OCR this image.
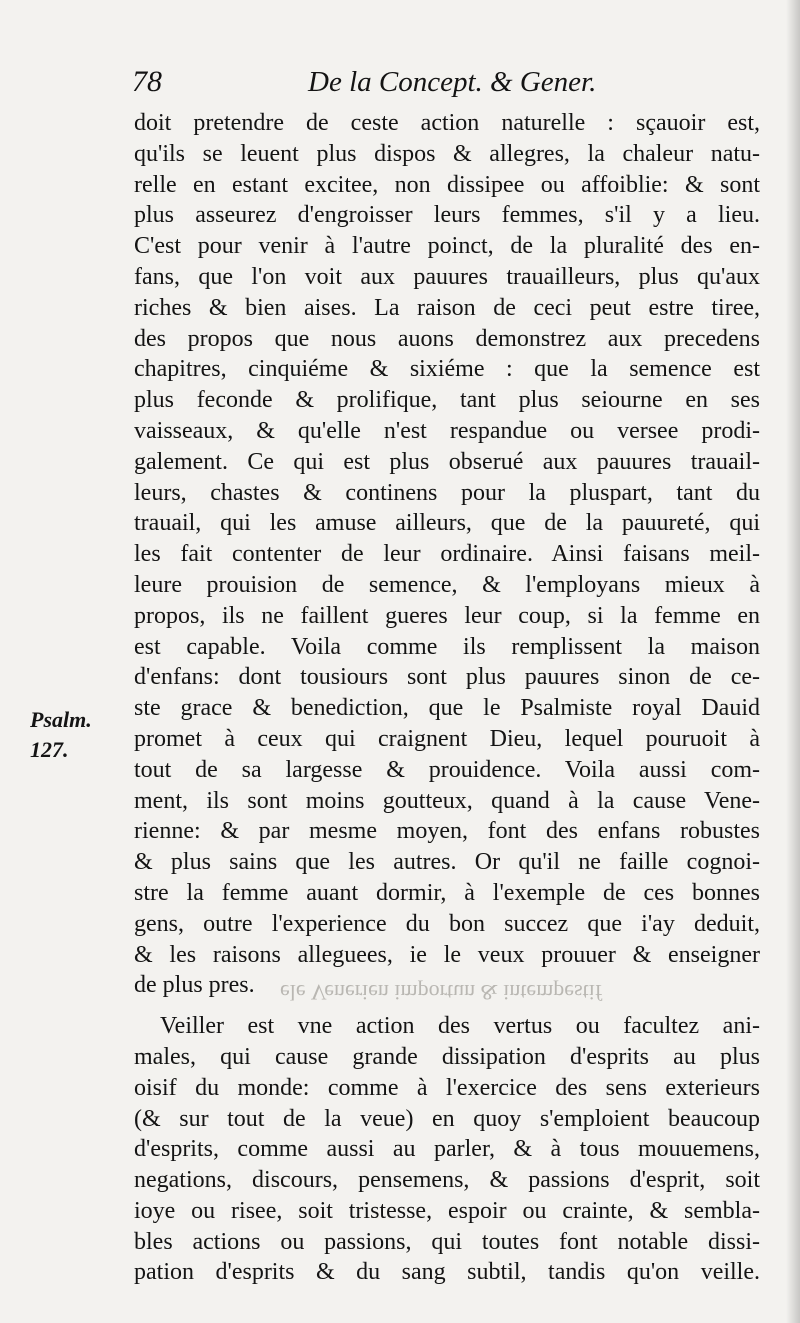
78	De la Concept. & Gener.
Psalm.
127.
ele Venerien importun & intempestif
doit pretendre de ceste action naturelle : sçauoir est,
qu'ils se leuent plus dispos & allegres, la chaleur natu-
relle en estant excitee, non dissipee ou affoiblie: & sont
plus asseurez d'engroisser leurs femmes, s'il y a lieu.
C'est pour venir à l'autre poinct, de la pluralité des en-
fans, que l'on voit aux pauures trauailleurs, plus qu'aux
riches & bien aises. La raison de ceci peut estre tiree,
des propos que nous auons demonstrez aux precedens
chapitres, cinquiéme & sixiéme : que la semence est
plus feconde & prolifique, tant plus seiourne en ses
vaisseaux, & qu'elle n'est respandue ou versee prodi-
galement. Ce qui est plus obserué aux pauures trauail-
leurs, chastes & continens pour la pluspart, tant du
trauail, qui les amuse ailleurs, que de la pauureté, qui
les fait contenter de leur ordinaire. Ainsi faisans meil-
leure prouision de semence, & l'employans mieux à
propos, ils ne faillent gueres leur coup, si la femme en
est capable. Voila comme ils remplissent la maison
d'enfans: dont tousiours sont plus pauures sinon de ce-
ste grace & benediction, que le Psalmiste royal Dauid
promet à ceux qui craignent Dieu, lequel pouruoit à
tout de sa largesse & prouidence. Voila aussi com-
ment, ils sont moins goutteux, quand à la cause Vene-
rienne: & par mesme moyen, font des enfans robustes
& plus sains que les autres. Or qu'il ne faille cognoi-
stre la femme auant dormir, à l'exemple de ces bonnes
gens, outre l'experience du bon succez que i'ay deduit,
& les raisons alleguees, ie le veux prouuer & enseigner
de plus pres.
Veiller est vne action des vertus ou facultez ani-
males, qui cause grande dissipation d'esprits au plus
oisif du monde: comme à l'exercice des sens exterieurs
(& sur tout de la veue) en quoy s'emploient beaucoup
d'esprits, comme aussi au parler, & à tous mouuemens,
negations, discours, pensemens, & passions d'esprit, soit
ioye ou risee, soit tristesse, espoir ou crainte, & sembla-
bles actions ou passions, qui toutes font notable dissi-
pation d'esprits & du sang subtil, tandis qu'on veille.
